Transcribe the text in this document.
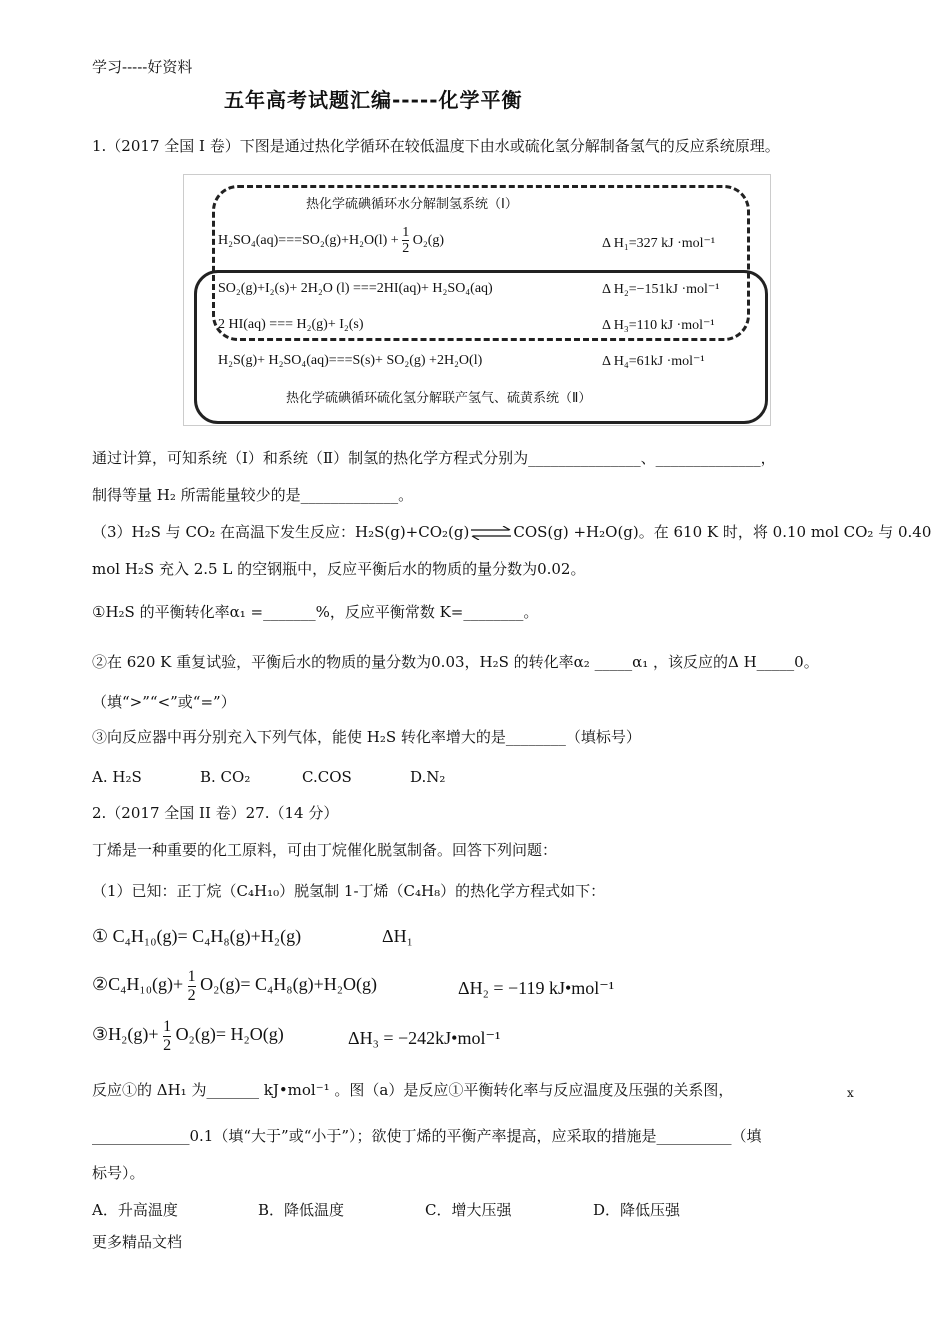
学习-----好资料
五年高考试题汇编-----化学平衡
1.（2017 全国 I 卷）下图是通过热化学循环在较低温度下由水或硫化氢分解制备氢气的反应系统原理。
热化学硫碘循环水分解制氢系统（Ⅰ）
$H_2SO_4(aq)===SO_2(g)+H_2O(l) + \frac{1}{2} O_2(g)$	Δ H₁=327 kJ ·mol⁻¹
SO₂(g)+I₂(s)+ 2H₂O (l) ===2HI(aq)+ H₂SO₄(aq)	Δ H₂=−151kJ ·mol⁻¹
2 HI(aq) === H₂(g)+ I₂(s)	Δ H₃=110 kJ ·mol⁻¹
H₂S(g)+ H₂SO₄(aq)===S(s)+ SO₂(g) +2H₂O(l)	Δ H₄=61kJ ·mol⁻¹
热化学硫碘循环硫化氢分解联产氢气、硫黄系统（Ⅱ）
通过计算，可知系统（Ⅰ）和系统（Ⅱ）制氢的热化学方程式分别为_______________、______________，
制得等量 H₂ 所需能量较少的是_____________。
（3）H₂S 与 CO₂ 在高温下发生反应：H₂S(g)+CO₂(g)⇌COS(g) +H₂O(g)。在 610 K 时，将 0.10 mol CO₂ 与 0.40
mol H₂S 充入 2.5 L 的空钢瓶中，反应平衡后水的物质的量分数为0.02。
①H₂S 的平衡转化率α₁ =_______%，反应平衡常数 K=________。
②在 620 K 重复试验，平衡后水的物质的量分数为0.03，H₂S 的转化率α₂ _____α₁ ，该反应的Δ H_____0。
（填“>”“<”或“=”）
③向反应器中再分别充入下列气体，能使 H₂S 转化率增大的是________（填标号）
A. H₂S	B. CO₂	C.COS	D.N₂
2.（2017 全国 II 卷）27.（14 分）
丁烯是一种重要的化工原料，可由丁烷催化脱氢制备。回答下列问题：
（1）已知：正丁烷（C₄H₁₀）脱氢制 1-丁烯（C₄H₈）的热化学方程式如下：
① C₄H₁₀(g)= C₄H₈(g)+H₂(g)	ΔH₁
②C₄H₁₀(g)+ $\frac{1}{2} O_2(g)= C_4H_8(g)+H_2O(g)$	ΔH₂ = −119 kJ•mol⁻¹
③H₂(g)+ $\frac{1}{2} O_2(g)= H_2O(g)$	ΔH₃ = −242kJ•mol⁻¹
反应①的 ΔH₁ 为_______ kJ•mol⁻¹ 。图（a）是反应①平衡转化率与反应温度及压强的关系图，	x
_____________0.1（填“大于”或“小于”）；欲使丁烯的平衡产率提高，应采取的措施是__________（填
标号）。
A．升高温度	B．降低温度	C．增大压强	D．降低压强
更多精品文档
